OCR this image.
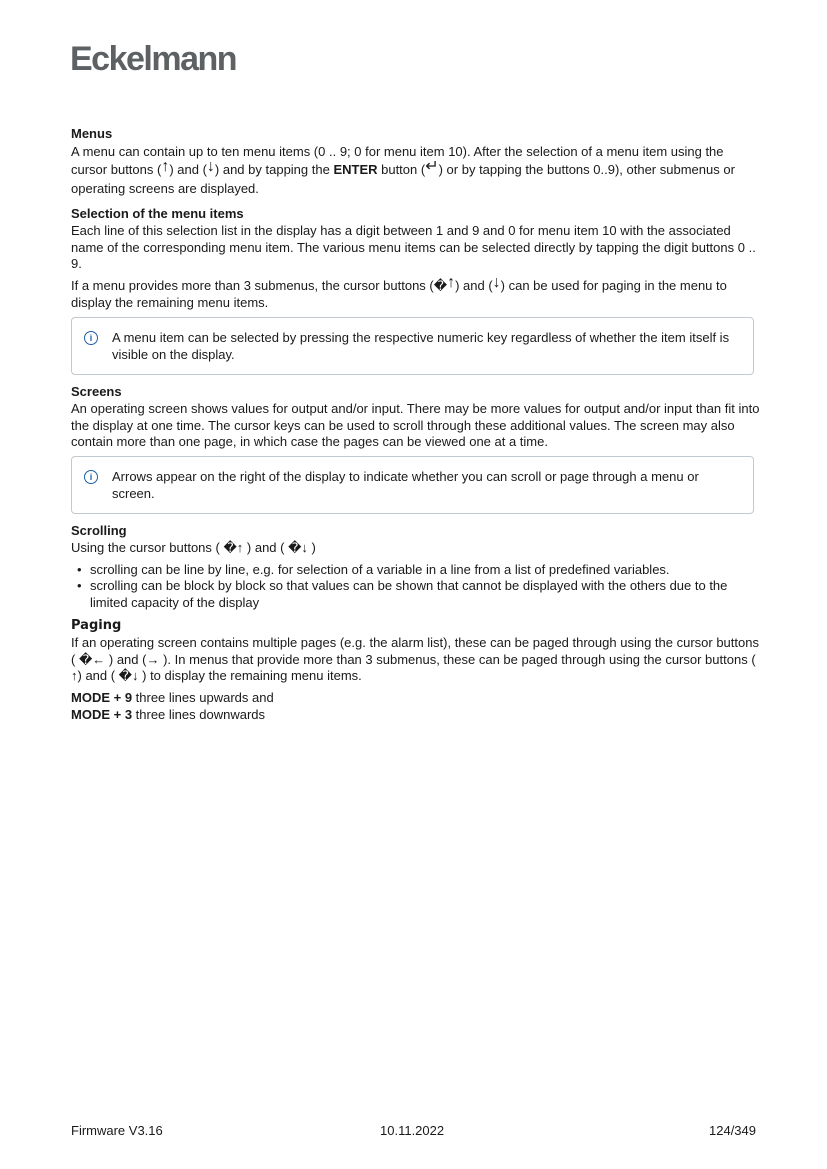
Eckelmann
Menus

A menu can contain up to ten menu items (0 .. 9; 0 for menu item 10). After the selection of a menu item using the cursor buttons (↑) and (↓) and by tapping the ENTER button (↵) or by tapping the buttons 0..9), other submenus or operating screens are displayed.

Selection of the menu items

Each line of this selection list in the display has a digit between 1 and 9 and 0 for menu item 10 with the associated name of the corresponding menu item. The various menu items can be selected directly by tapping the digit buttons 0 .. 9.

If a menu provides more than 3 submenus, the cursor buttons (�↑) and (↓) can be used for paging in the menu to display the remaining menu items.

i	A menu item can be selected by pressing the respective numeric key regardless of whether the item itself is visible on the display.
Screens

An operating screen shows values for output and/or input. There may be more values for output and/or input than fit into the display at one time. The cursor keys can be used to scroll through these additional values. The screen may also contain more than one page, in which case the pages can be viewed one at a time.

i	Arrows appear on the right of the display to indicate whether you can scroll or page through a menu or screen.
Scrolling

Using the cursor buttons ( �↑ ) and ( �↓ )

• scrolling can be line by line, e.g. for selection of a variable in a line from a list of predefined variables.
• scrolling can be block by block so that values can be shown that cannot be displayed with the others due to the limited capacity of the display
Paging

If an operating screen contains multiple pages (e.g. the alarm list), these can be paged through using the cursor buttons ( �← ) and (→ ). In menus that provide more than 3 submenus, these can be paged through using the cursor buttons ( ↑) and ( �↓ ) to display the remaining menu items.

MODE + 9 three lines upwards and

MODE + 3 three lines downwards

Firmware V3.16	10.11.2022	124/349
